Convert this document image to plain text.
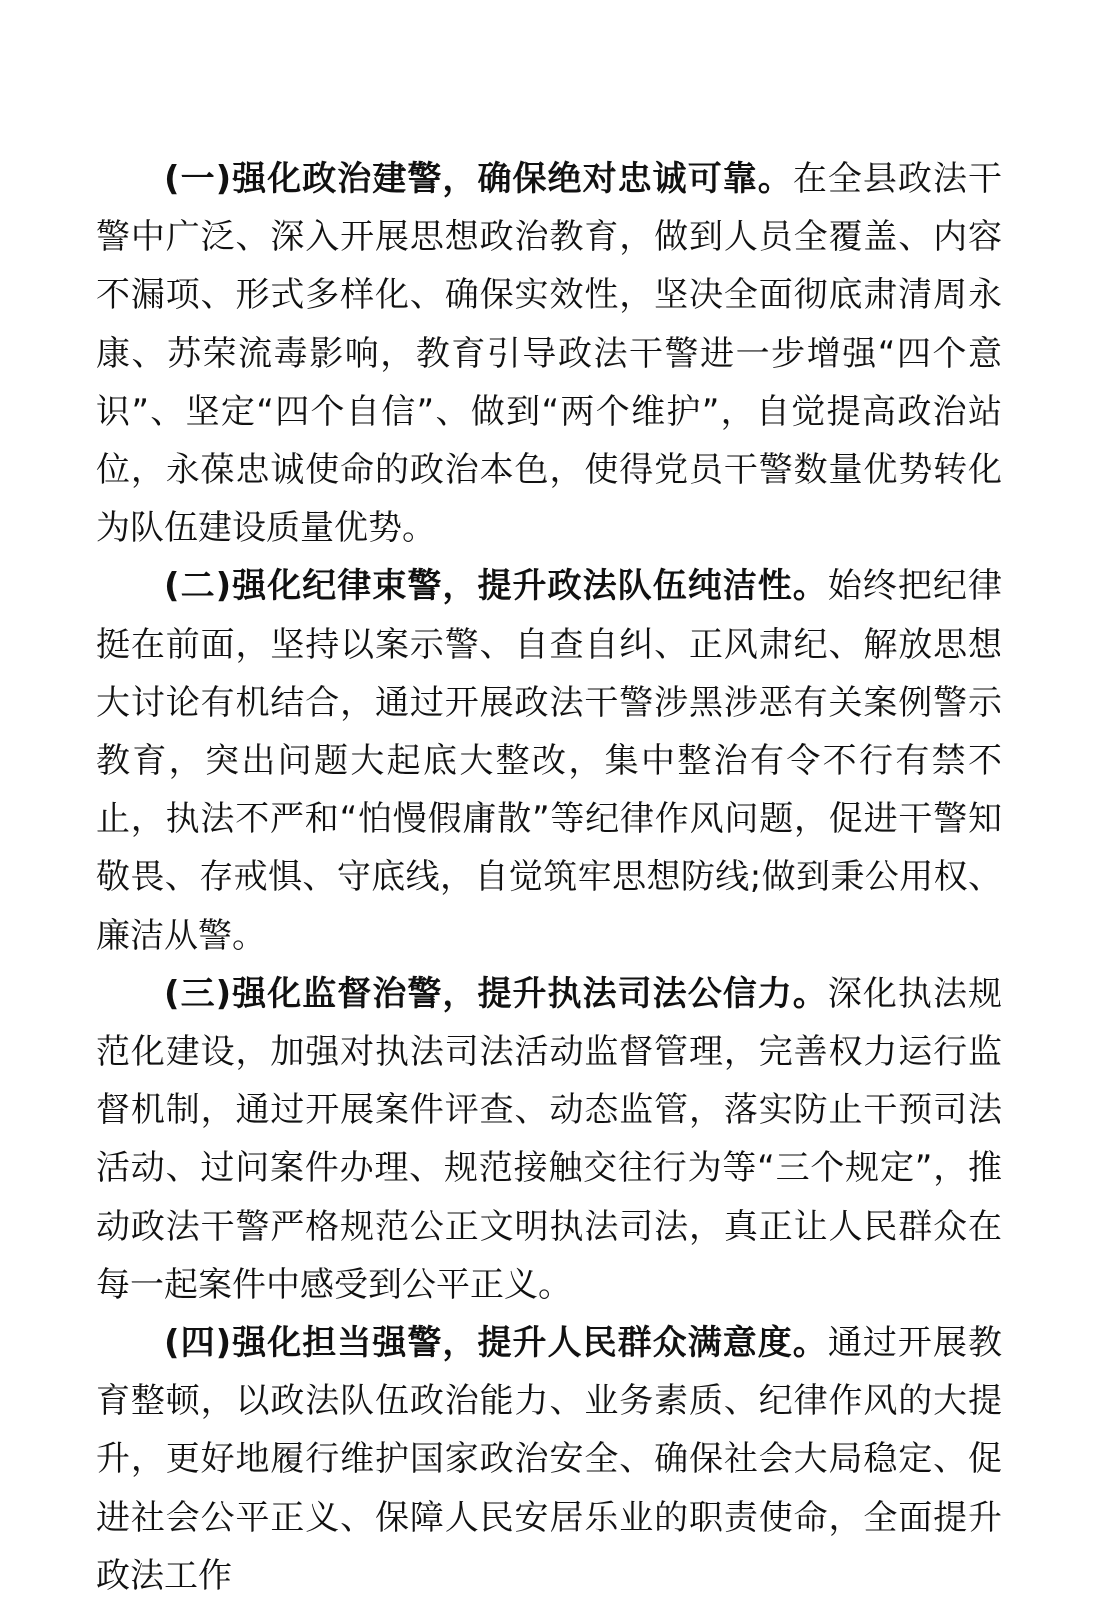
(一)强化政治建警，确保绝对忠诚可靠。在全县政法干警中广泛、深入开展思想政治教育，做到人员全覆盖、内容不漏项、形式多样化、确保实效性，坚决全面彻底肃清周永康、苏荣流毒影响，教育引导政法干警进一步增强“四个意识”、坚定“四个自信”、做到“两个维护”，自觉提高政治站位，永葆忠诚使命的政治本色，使得党员干警数量优势转化为队伍建设质量优势。

(二)强化纪律束警，提升政法队伍纯洁性。始终把纪律挺在前面，坚持以案示警、自查自纠、正风肃纪、解放思想大讨论有机结合，通过开展政法干警涉黑涉恶有关案例警示教育，突出问题大起底大整改，集中整治有令不行有禁不止，执法不严和“怕慢假庸散”等纪律作风问题，促进干警知敬畏、存戒惧、守底线，自觉筑牢思想防线;做到秉公用权、廉洁从警。

(三)强化监督治警，提升执法司法公信力。深化执法规范化建设，加强对执法司法活动监督管理，完善权力运行监督机制，通过开展案件评查、动态监管，落实防止干预司法活动、过问案件办理、规范接触交往行为等“三个规定”，推动政法干警严格规范公正文明执法司法，真正让人民群众在每一起案件中感受到公平正义。

(四)强化担当强警，提升人民群众满意度。通过开展教育整顿，以政法队伍政治能力、业务素质、纪律作风的大提升，更好地履行维护国家政治安全、确保社会大局稳定、促进社会公平正义、保障人民安居乐业的职责使命，全面提升政法工作
